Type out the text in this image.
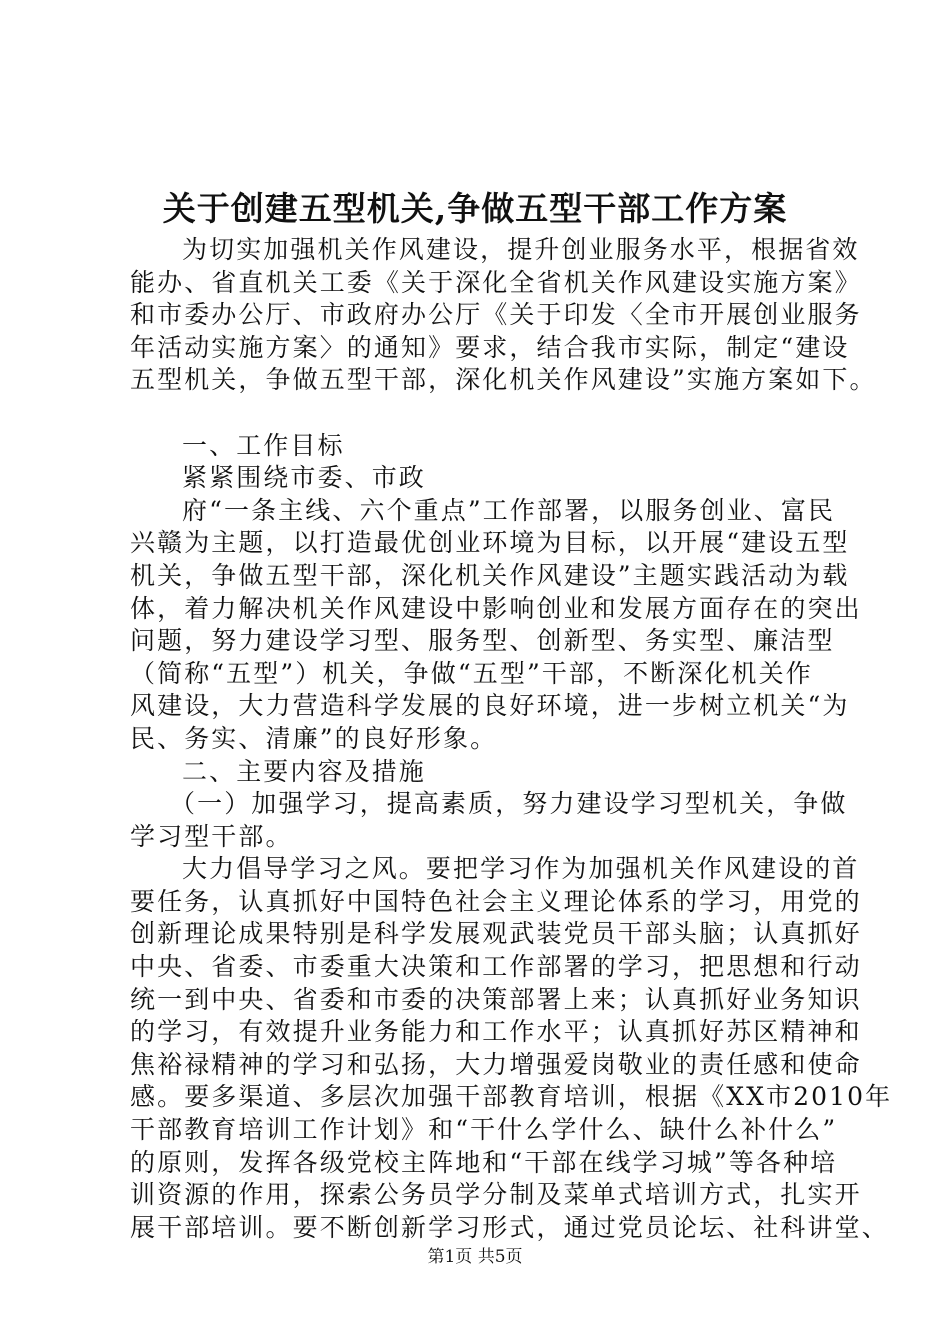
关于创建五型机关,争做五型干部工作方案
为切实加强机关作风建设，提升创业服务水平，根据省效
能办、省直机关工委《关于深化全省机关作风建设实施方案》
和市委办公厅、市政府办公厅《关于印发〈全市开展创业服务
年活动实施方案〉的通知》要求，结合我市实际，制定“建设
五型机关，争做五型干部，深化机关作风建设”实施方案如下。
一、工作目标
紧紧围绕市委、市政
府“一条主线、六个重点”工作部署，以服务创业、富民
兴赣为主题，以打造最优创业环境为目标，以开展“建设五型
机关，争做五型干部，深化机关作风建设”主题实践活动为载
体，着力解决机关作风建设中影响创业和发展方面存在的突出
问题，努力建设学习型、服务型、创新型、务实型、廉洁型
（简称“五型”）机关，争做“五型”干部，不断深化机关作
风建设，大力营造科学发展的良好环境，进一步树立机关“为
民、务实、清廉”的良好形象。
二、主要内容及措施
（一）加强学习，提高素质，努力建设学习型机关，争做
学习型干部。
大力倡导学习之风。要把学习作为加强机关作风建设的首
要任务，认真抓好中国特色社会主义理论体系的学习，用党的
创新理论成果特别是科学发展观武装党员干部头脑；认真抓好
中央、省委、市委重大决策和工作部署的学习，把思想和行动
统一到中央、省委和市委的决策部署上来；认真抓好业务知识
的学习，有效提升业务能力和工作水平；认真抓好苏区精神和
焦裕禄精神的学习和弘扬，大力增强爱岗敬业的责任感和使命
感。要多渠道、多层次加强干部教育培训，根据《XX市2010年
干部教育培训工作计划》和“干什么学什么、缺什么补什么”
的原则，发挥各级党校主阵地和“干部在线学习城”等各种培
训资源的作用，探索公务员学分制及菜单式培训方式，扎实开
展干部培训。要不断创新学习形式，通过党员论坛、社科讲堂、
第1页 共5页
